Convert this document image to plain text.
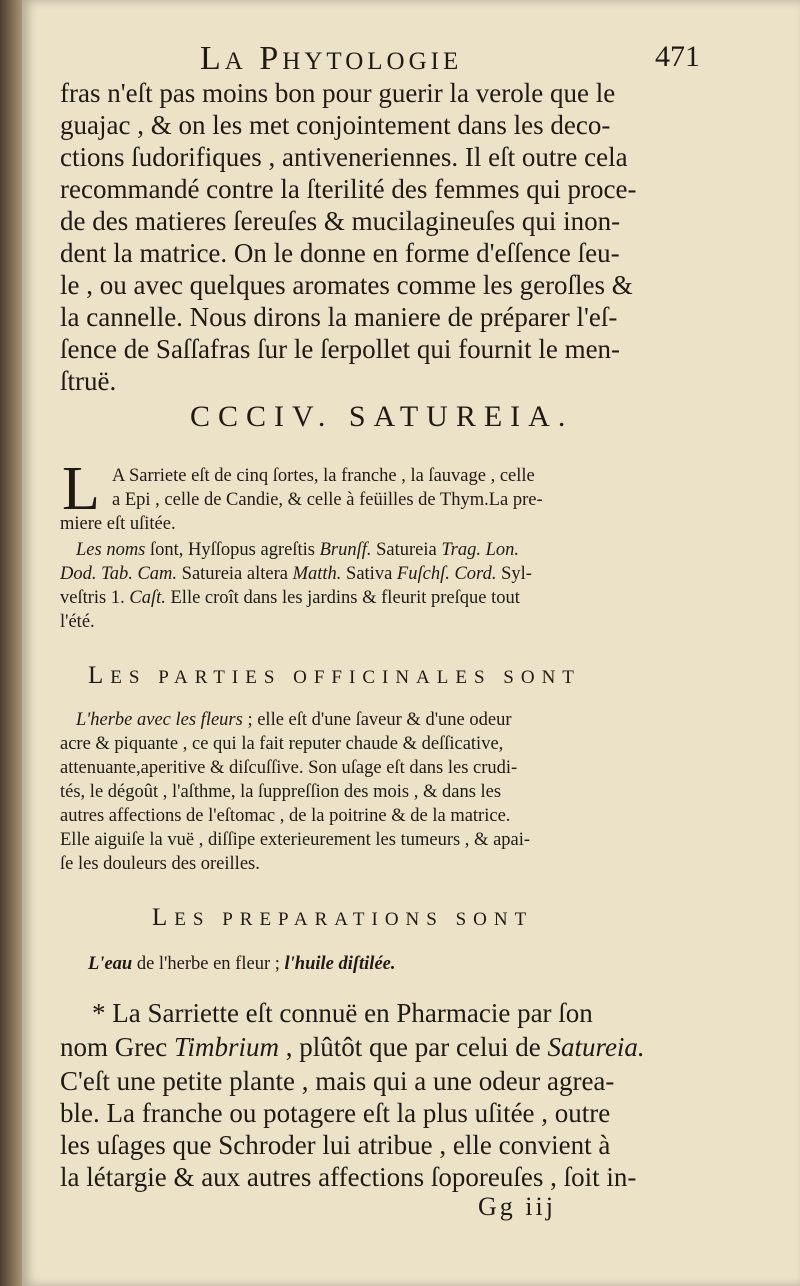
LA PHYTOLOGIE	471
fras n'eſt pas moins bon pour guerir la verole que le
guajac , & on les met conjointement dans les deco-
ctions ſudorifiques , antiveneriennes. Il eſt outre cela
recommandé contre la ſterilité des femmes qui proce-
de des matieres ſereuſes & mucilagineuſes qui inon-
dent la matrice. On le donne en forme d'eſſence ſeu-
le , ou avec quelques aromates comme les geroſles &
la cannelle. Nous dirons la maniere de préparer l'eſ-
ſence de Saſſafras ſur le ſerpollet qui fournit le men-
ſtruë.
CCCIV. SATUREIA.
L A Sarriete eſt de cinq ſortes, la franche , la ſauvage , celle
a Epi , celle de Candie, & celle à feüilles de Thym.La pre-
miere eſt uſitée.
Les noms ſont, Hyſſopus agreſtis Brunſf. Satureia Trag. Lon.
Dod. Tab. Cam. Satureia altera Matth. Sativa Fuſchſ. Cord. Syl-
veſtris 1. Caſt. Elle croît dans les jardins & fleurit preſque tout
l'été.
LES PARTIES OFFICINALES SONT
L'herbe avec les fleurs ; elle eſt d'une ſaveur & d'une odeur
acre & piquante , ce qui la fait reputer chaude & deſſicative,
attenuante,aperitive & diſcuſſive. Son uſage eſt dans les crudi-
tés, le dégoût , l'aſthme, la ſuppreſſion des mois , & dans les
autres affections de l'eſtomac , de la poitrine & de la matrice.
Elle aiguiſe la vuë , diſſipe exterieurement les tumeurs , & apai-
ſe les douleurs des oreilles.
LES PREPARATIONS SONT
L'eau de l'herbe en fleur ; l'huile diſtilée.
* La Sarriette eſt connuë en Pharmacie par ſon
nom Grec Timbrium , plûtôt que par celui de Satureia.
C'eſt une petite plante , mais qui a une odeur agrea-
ble. La franche ou potagere eſt la plus uſitée , outre
les uſages que Schroder lui atribue , elle convient à
la létargie & aux autres affections ſoporeuſes , ſoit in-
Gg iij
